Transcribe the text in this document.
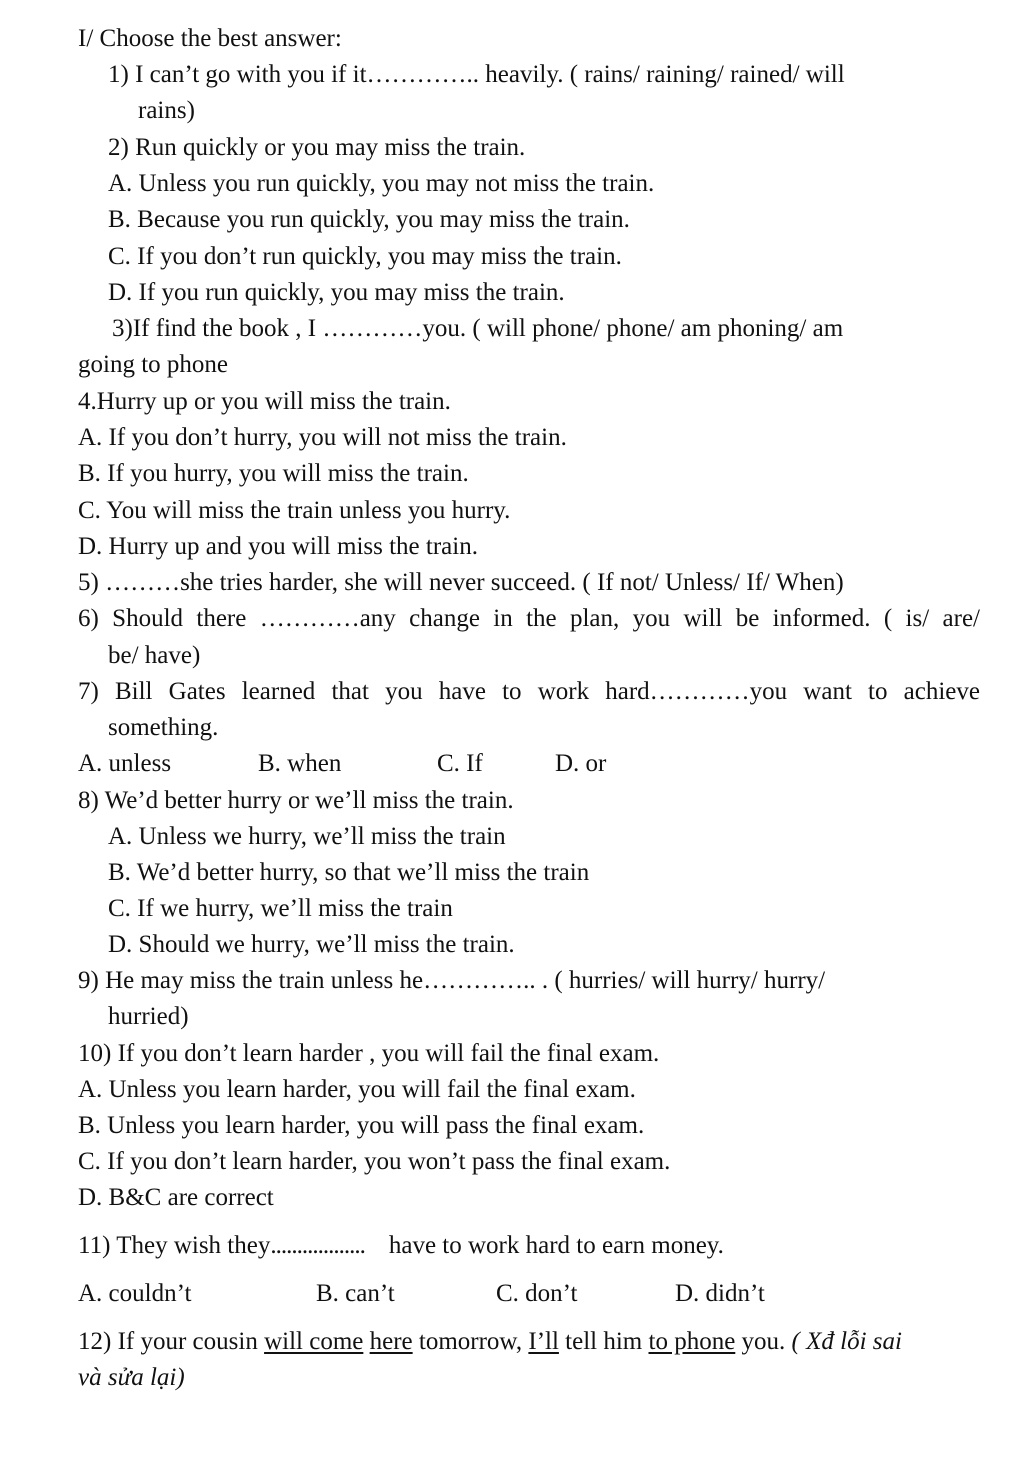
I/ Choose the best answer:
1) I can’t go with you if it………….. heavily. ( rains/ raining/ rained/ will
rains)
2) Run quickly or you may miss the train.
A. Unless you run quickly, you may not miss the train.
B. Because you run quickly, you may miss the train.
C. If you don’t run quickly, you may miss the train.
D. If you run quickly, you may miss the train.
3)If find the book , I …………you. ( will phone/ phone/ am phoning/ am
going to phone
4.Hurry up or you will miss the train.
A. If you don’t hurry, you will not miss the train.
B. If you hurry, you will miss the train.
C. You will miss the train unless you hurry.
D. Hurry up and you will miss the train.
5) ………she tries harder, she will never succeed. ( If not/ Unless/ If/ When)
6) Should there …………any change in the plan, you will be informed. ( is/ are/
be/ have)
7) Bill Gates learned that you have to work hard…………you want to achieve
something.
A. unless	B. when	C. If	D. or
8) We’d better hurry or we’ll miss the train.
A. Unless we hurry, we’ll miss the train
B. We’d better hurry, so that we’ll miss the train
C. If we hurry, we’ll miss the train
D. Should we hurry, we’ll miss the train.
9) He may miss the train unless he………….. . ( hurries/ will hurry/ hurry/
hurried)
10) If you don’t learn harder , you will fail the final exam.
A. Unless you learn harder, you will fail the final exam.
B. Unless you learn harder, you will pass the final exam.
C. If you don’t learn harder, you won’t pass the final exam.
D. B&C are correct
11) They wish they.................. have to work hard to earn money.
A. couldn’t	B. can’t	C. don’t	D. didn’t
12) If your cousin will come here tomorrow, I’ll tell him to phone you. ( Xđ lỗi sai
và sửa lại)
